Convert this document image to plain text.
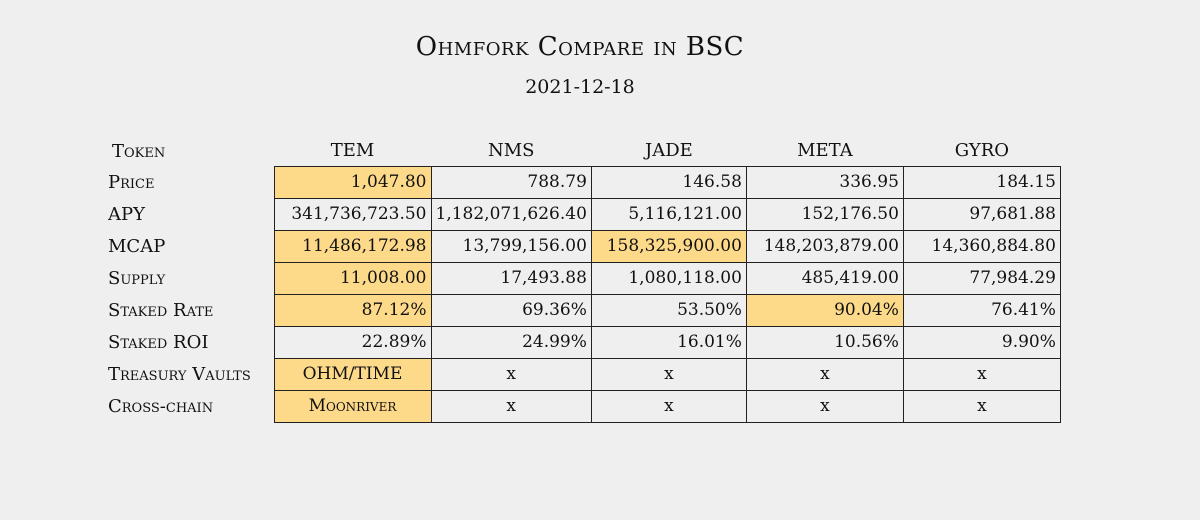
Ohmfork Compare in BSC
2021-12-18
Token	TEM	NMS	JADE	META	GYRO
Price	1,047.80	788.79	146.58	336.95	184.15
APY	341,736,723.50	1,182,071,626.40	5,116,121.00	152,176.50	97,681.88
MCAP	11,486,172.98	13,799,156.00	158,325,900.00	148,203,879.00	14,360,884.80
Supply	11,008.00	17,493.88	1,080,118.00	485,419.00	77,984.29
Staked Rate	87.12%	69.36%	53.50%	90.04%	76.41%
Staked ROI	22.89%	24.99%	16.01%	10.56%	9.90%
Treasury Vaults	OHM/TIME	x	x	x	x
Cross-chain	Moonriver	x	x	x	x
